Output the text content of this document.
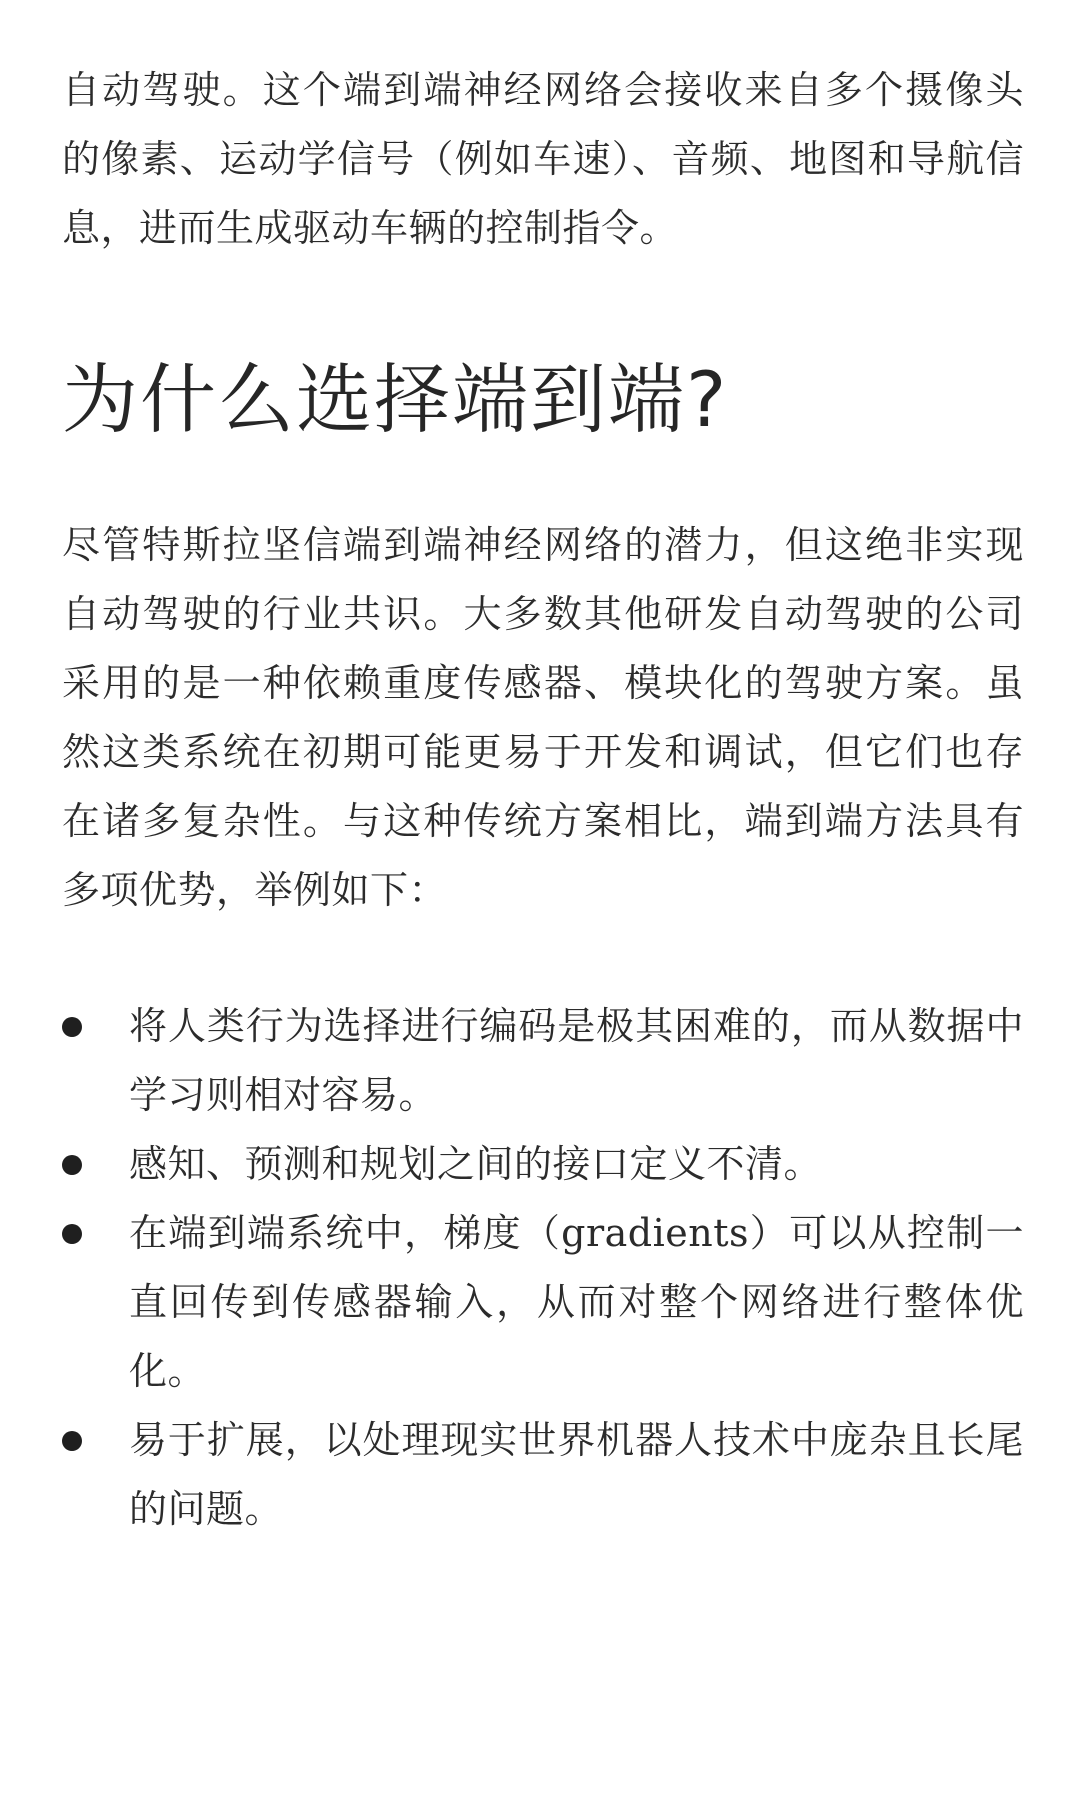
自动驾驶。这个端到端神经网络会接收来自多个摄像头的像素、运动学信号（例如车速）、音频、地图和导航信息，进而生成驱动车辆的控制指令。

为什么选择端到端?

尽管特斯拉坚信端到端神经网络的潜力，但这绝非实现自动驾驶的行业共识。大多数其他研发自动驾驶的公司采用的是一种依赖重度传感器、模块化的驾驶方案。虽然这类系统在初期可能更易于开发和调试，但它们也存在诸多复杂性。与这种传统方案相比，端到端方法具有多项优势，举例如下：

将人类行为选择进行编码是极其困难的，而从数据中学习则相对容易。
感知、预测和规划之间的接口定义不清。
在端到端系统中，梯度（gradients）可以从控制一直回传到传感器输入，从而对整个网络进行整体优化。
易于扩展，以处理现实世界机器人技术中庞杂且长尾的问题。
